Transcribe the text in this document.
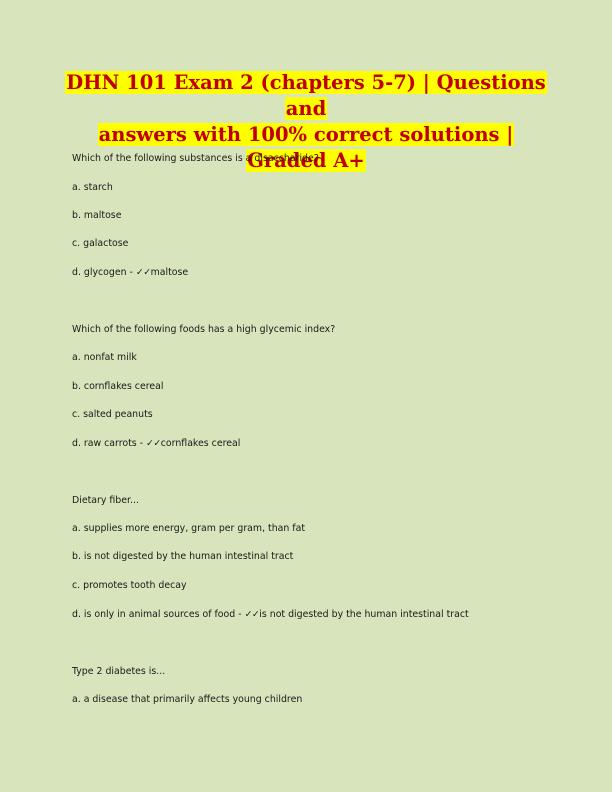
DHN 101 Exam 2 (chapters 5-7) | Questions and
answers with 100% correct solutions | Graded A+
Which of the following substances is a disaccharide?
a. starch
b. maltose
c. galactose
d. glycogen - ✓✓maltose
Which of the following foods has a high glycemic index?
a. nonfat milk
b. cornflakes cereal
c. salted peanuts
d. raw carrots - ✓✓cornflakes cereal
Dietary fiber...
a. supplies more energy, gram per gram, than fat
b. is not digested by the human intestinal tract
c. promotes tooth decay
d. is only in animal sources of food - ✓✓is not digested by the human intestinal tract
Type 2 diabetes is...
a. a disease that primarily affects young children
